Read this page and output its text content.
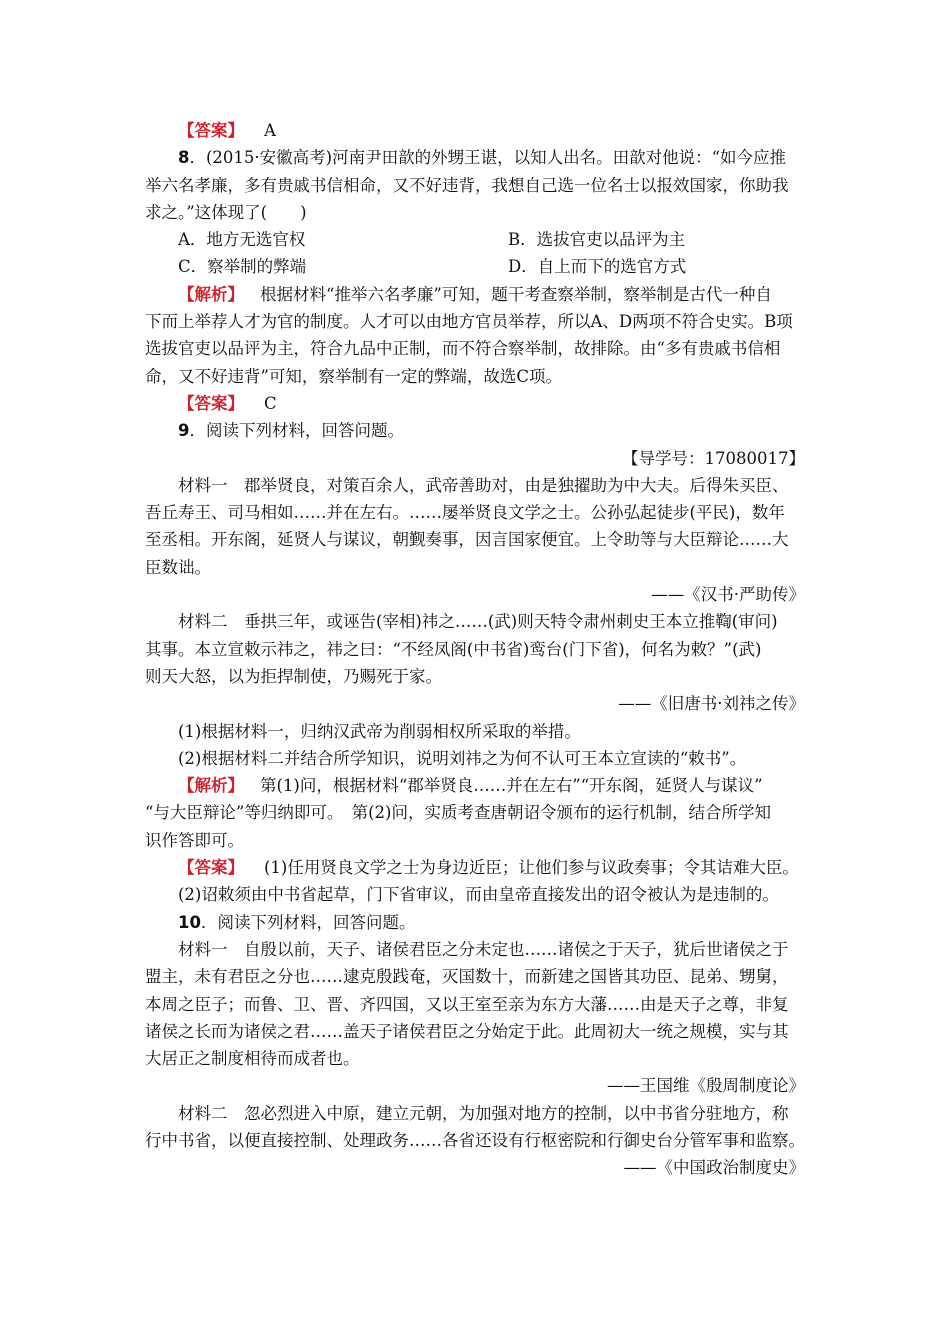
【答案】 A

8．(2015·安徽高考)河南尹田歆的外甥王谌，以知人出名。田歆对他说：“如今应推
举六名孝廉，多有贵戚书信相命，又不好违背，我想自己选一位名士以报效国家，你助我
求之。”这体现了(　　)

A．地方无选官权	B．选拔官吏以品评为主
C．察举制的弊端	D．自上而下的选官方式

【解析】 根据材料“推举六名孝廉”可知，题干考查察举制，察举制是古代一种自
下而上举荐人才为官的制度。人才可以由地方官员举荐，所以A、D两项不符合史实。B项
选拔官吏以品评为主，符合九品中正制，而不符合察举制，故排除。由“多有贵戚书信相
命，又不好违背”可知，察举制有一定的弊端，故选C项。

【答案】 C

9．阅读下列材料，回答问题。

【导学号：17080017】

材料一　郡举贤良，对策百余人，武帝善助对，由是独擢助为中大夫。后得朱买臣、
吾丘寿王、司马相如……并在左右。……屡举贤良文学之士。公孙弘起徒步(平民)，数年
至丞相。开东阁，延贤人与谋议，朝觐奏事，因言国家便宜。上令助等与大臣辩论……大
臣数诎。

——《汉书·严助传》

材料二　垂拱三年，或诬告(宰相)祎之……(武)则天特令肃州刺史王本立推鞫(审问)
其事。本立宣敕示祎之，祎之曰：“不经凤阁(中书省)鸾台(门下省)，何名为敕？”(武)
则天大怒，以为拒捍制使，乃赐死于家。

——《旧唐书·刘祎之传》

(1)根据材料一，归纳汉武帝为削弱相权所采取的举措。

(2)根据材料二并结合所学知识，说明刘祎之为何不认可王本立宣读的“敕书”。

【解析】 第(1)问，根据材料“郡举贤良……并在左右”“开东阁，延贤人与谋议”
“与大臣辩论”等归纳即可。　第(2)问，实质考查唐朝诏令颁布的运行机制，结合所学知
识作答即可。

【答案】 (1)任用贤良文学之士为身边近臣；让他们参与议政奏事；令其诘难大臣。

(2)诏敕须由中书省起草，门下省审议，而由皇帝直接发出的诏令被认为是违制的。

10．阅读下列材料，回答问题。

材料一　自殷以前，天子、诸侯君臣之分未定也……诸侯之于天子，犹后世诸侯之于
盟主，未有君臣之分也……逮克殷践奄，灭国数十，而新建之国皆其功臣、昆弟、甥舅，
本周之臣子；而鲁、卫、晋、齐四国，又以王室至亲为东方大藩……由是天子之尊，非复
诸侯之长而为诸侯之君……盖天子诸侯君臣之分始定于此。此周初大一统之规模，实与其
大居正之制度相待而成者也。

——王国维《殷周制度论》

材料二　忽必烈进入中原，建立元朝，为加强对地方的控制，以中书省分驻地方，称
行中书省，以便直接控制、处理政务……各省还设有行枢密院和行御史台分管军事和监察。

——《中国政治制度史》
